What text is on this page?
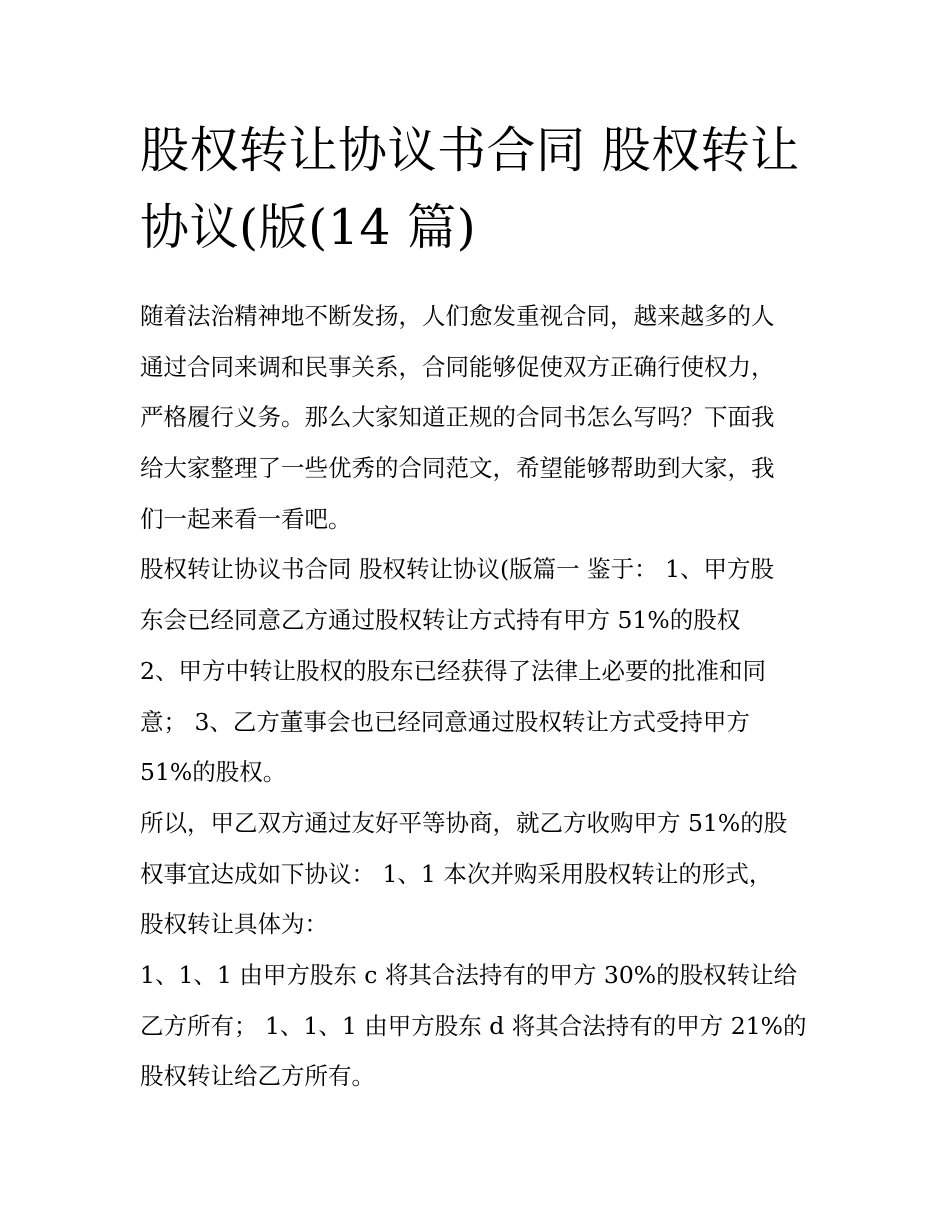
股权转让协议书合同 股权转让
协议(版(14 篇)
随着法治精神地不断发扬，人们愈发重视合同，越来越多的人
通过合同来调和民事关系，合同能够促使双方正确行使权力，
严格履行义务。那么大家知道正规的合同书怎么写吗？下面我
给大家整理了一些优秀的合同范文，希望能够帮助到大家，我
们一起来看一看吧。
股权转让协议书合同 股权转让协议(版篇一 鉴于： 1、甲方股
东会已经同意乙方通过股权转让方式持有甲方 51%的股权
2、甲方中转让股权的股东已经获得了法律上必要的批准和同
意； 3、乙方董事会也已经同意通过股权转让方式受持甲方
51%的股权。
所以，甲乙双方通过友好平等协商，就乙方收购甲方 51%的股
权事宜达成如下协议： 1、1 本次并购采用股权转让的形式，
股权转让具体为：
1、1、1 由甲方股东 c 将其合法持有的甲方 30%的股权转让给
乙方所有； 1、1、1 由甲方股东 d 将其合法持有的甲方 21%的
股权转让给乙方所有。
